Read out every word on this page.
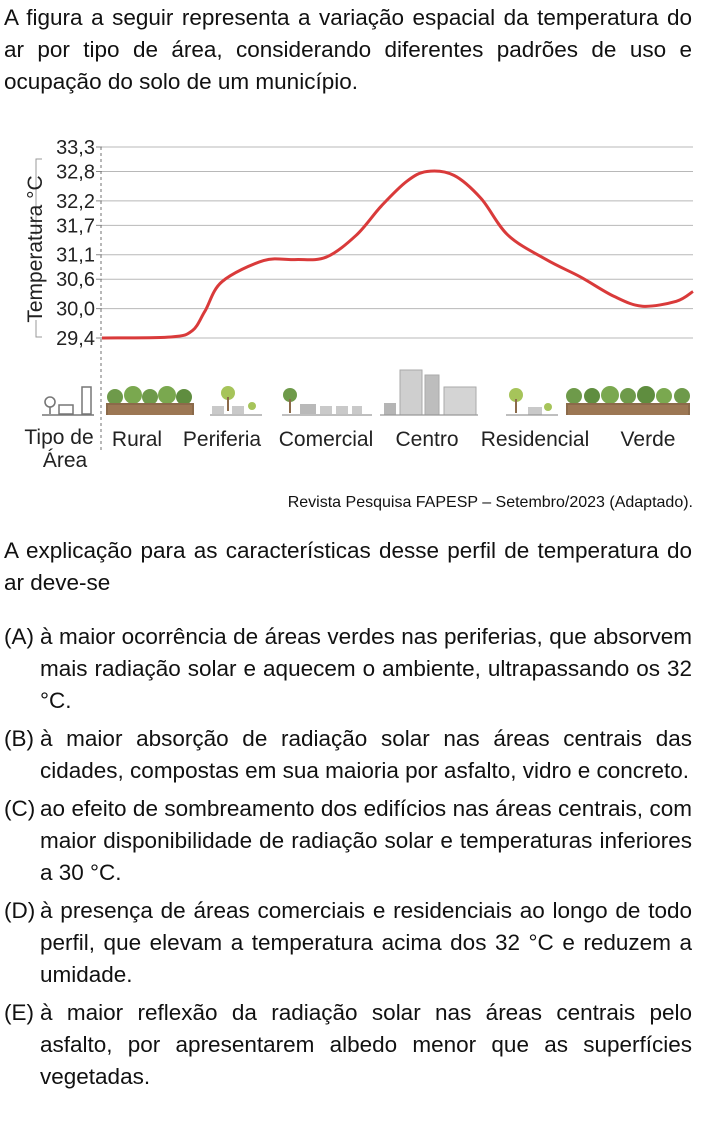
A figura a seguir representa a variação espacial da temperatura do ar por tipo de área, considerando diferentes padrões de uso e ocupação do solo de um município.

33,3
32,8
32,2
31,7
31,1
30,6
30,0
29,4
Temperatura °C
Tipo de
Área
Rural Periferia Comercial Centro Residencial Verde
Revista Pesquisa FAPESP – Setembro/2023 (Adaptado).

A explicação para as características desse perfil de temperatura do ar deve-se

(A) à maior ocorrência de áreas verdes nas periferias, que absorvem mais radiação solar e aquecem o ambiente, ultrapassando os 32 °C.
(B) à maior absorção de radiação solar nas áreas centrais das cidades, compostas em sua maioria por asfalto, vidro e concreto.
(C) ao efeito de sombreamento dos edifícios nas áreas centrais, com maior disponibilidade de radiação solar e temperaturas inferiores a 30 °C.
(D) à presença de áreas comerciais e residenciais ao longo de todo perfil, que elevam a temperatura acima dos 32 °C e reduzem a umidade.
(E) à maior reflexão da radiação solar nas áreas centrais pelo asfalto, por apresentarem albedo menor que as superfícies vegetadas.
